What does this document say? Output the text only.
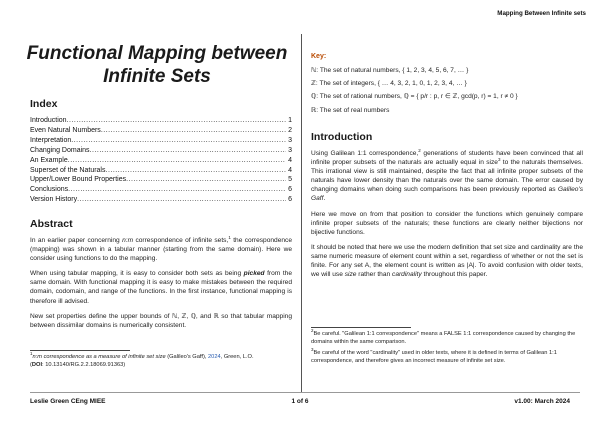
Mapping Between Infinite sets
Functional Mapping between
Infinite Sets
Index
Introduction .....	1
Even Natural Numbers .....	2
Interpretation .....	3
Changing Domains .....	3
An Example .....	4
Superset of the Naturals .....	4
Upper/Lower Bound Properties .....	5
Conclusions .....	6
Version History .....	6
Abstract

In an earlier paper concerning n:m correspondence of infinite sets,$^1$ the correspondence (mapping) was shown in a tabular manner (starting from the same domain). Here we consider using functions to do the mapping.

When using tabular mapping, it is easy to consider both sets as being picked from the same domain. With functional mapping it is easy to make mistakes between the required domain, codomain, and range of the functions. In the first instance, functional mapping is therefore ill advised.

New set properties define the upper bounds of ℕ, ℤ, ℚ, and ℝ so that tabular mapping between dissimilar domains is numerically consistent.

$^1$n:m correspondence as a measure of infinite set size (Galileo's Gaff), 2024, Green, L.O.
(DOI: 10.13140/RG.2.2.18069.91363)
Key:
ℕ: The set of natural numbers, { 1, 2, 3, 4, 5, 6, 7, … }
ℤ: The set of integers, { … 4, 3, 2, 1, 0, 1, 2, 3, 4, … }
ℚ: The set of rational numbers, ℚ = { p/r : p, r ∈ ℤ, gcd(p, r) = 1, r ≠ 0 }
ℝ: The set of real numbers
Introduction

Using Galilean 1:1 correspondence,$^2$ generations of students have been convinced that all infinite proper subsets of the naturals are actually equal in size$^3$ to the naturals themselves. This irrational view is still maintained, despite the fact that all infinite proper subsets of the naturals have lower density than the naturals over the same domain. The error caused by changing domains when doing such comparisons has been previously reported as Galileo's Gaff.

Here we move on from that position to consider the functions which genuinely compare infinite proper subsets of the naturals; these functions are clearly neither bijections nor bijective functions.

It should be noted that here we use the modern definition that set size and cardinality are the same numeric measure of element count within a set, regardless of whether or not the set is finite. For any set A, the element count is written as |A|. To avoid confusion with older texts, we will use size rather than cardinality throughout this paper.

$^2$Be careful. "Galilean 1:1 correspondence" means a FALSE 1:1 correspondence caused by changing the domains within the same comparison.
$^3$Be careful of the word "cardinality" used in older texts, where it is defined in terms of Galilean 1:1 correspondence, and therefore gives an incorrect measure of infinite set size.
Leslie Green CEng MIEE	1 of 6	v1.00: March 2024
